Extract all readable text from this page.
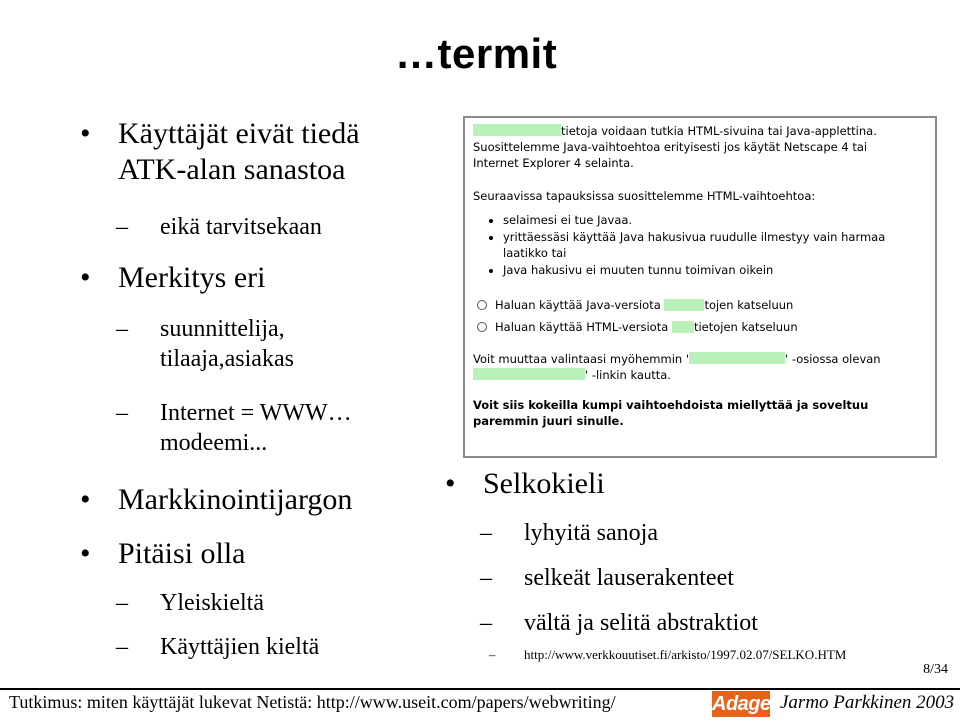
…termit
• Käyttäjät eivät tiedä
ATK-alan sanastoa
– eikä tarvitsekaan
• Merkitys eri
– suunnittelija,
tilaaja,asiakas
– Internet = WWW…
modeemi...
• Markkinointijargon
• Pitäisi olla
– Yleiskieltä
– Käyttäjien kieltä

tietoja voidaan tutkia HTML-sivuina tai Java-applettina.
Suosittelemme Java-vaihtoehtoa erityisesti jos käytät Netscape 4 tai
Internet Explorer 4 selainta.

Seuraavissa tapauksissa suosittelemme HTML-vaihtoehtoa:

• selaimesi ei tue Javaa.
• yrittäessäsi käyttää Java hakusivua ruudulle ilmestyy vain harmaa laatikko tai
• Java hakusivu ei muuten tunnu toimivan oikein
Haluan käyttää Java-versiota
	tojen katseluun
Haluan käyttää HTML-versiota
tietojen katseluun

Voit muuttaa valintaasi myöhemmin '	' -osiossa olevan
' -linkin kautta.

Voit siis kokeilla kumpi vaihtoehdoista miellyttää ja soveltuu
paremmin juuri sinulle.

• Selkokieli
– lyhyitä sanoja
– selkeät lauserakenteet
– vältä ja selitä abstraktiot
– http://www.verkkouutiset.fi/arkisto/1997.02.07/SELKO.HTM
8/34
Tutkimus: miten käyttäjät lukevat Netistä: http://www.useit.com/papers/webwriting/	Adage Jarmo Parkkinen 2003
